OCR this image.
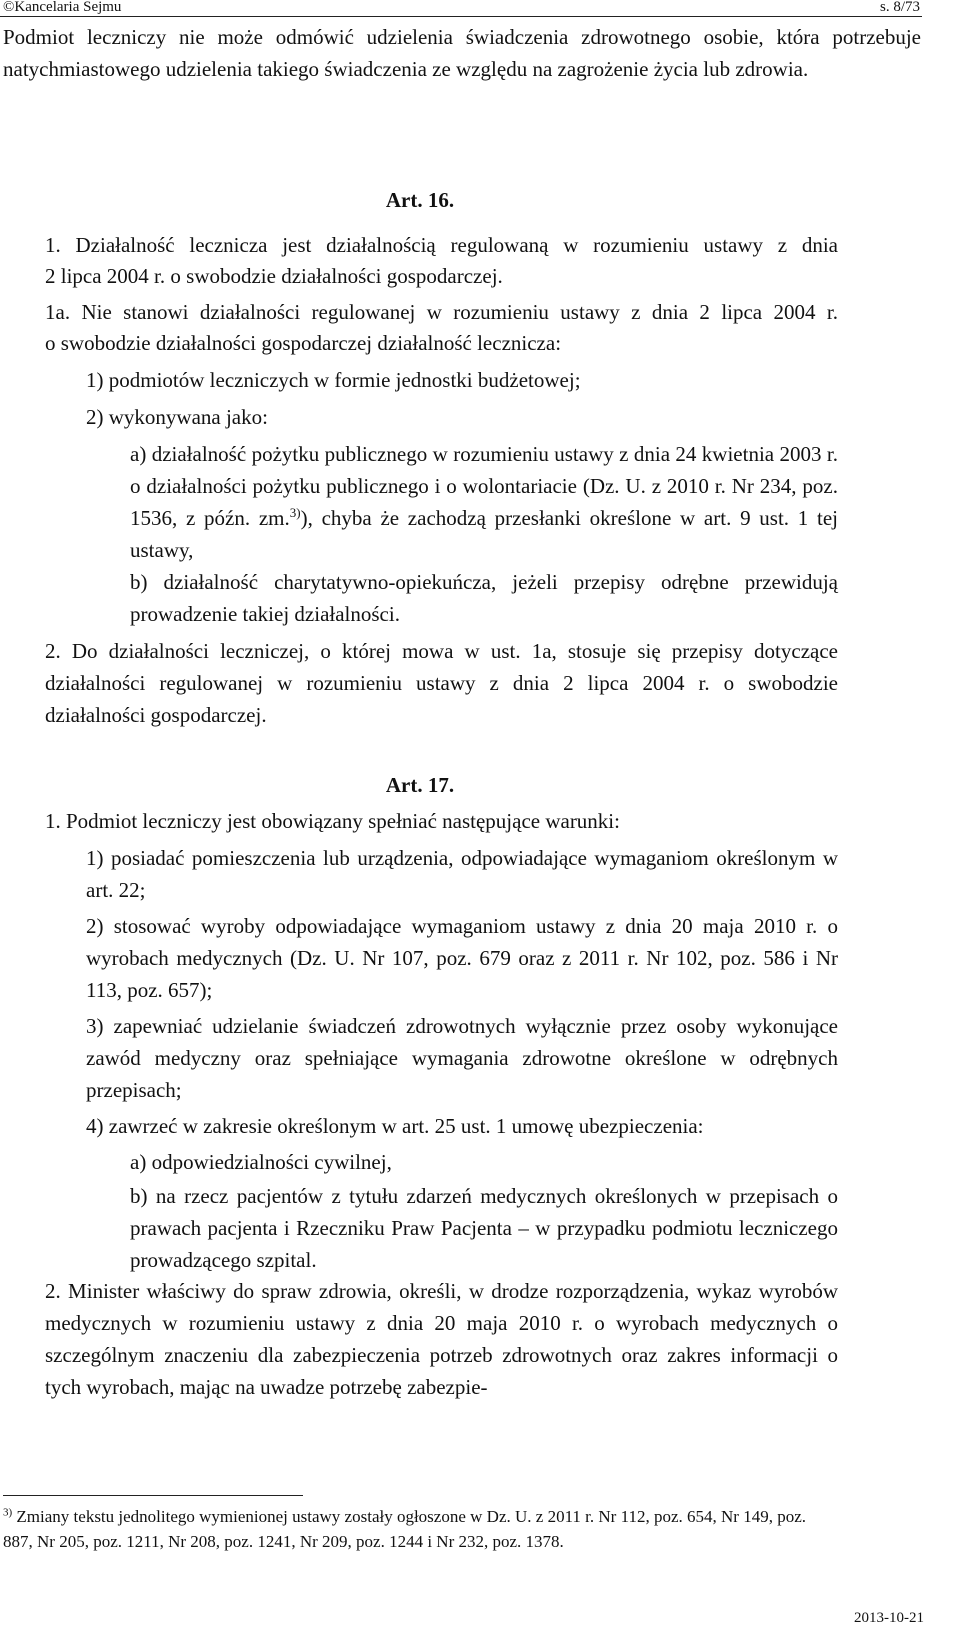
©Kancelaria Sejmu	s. 8/73
Podmiot leczniczy nie może odmówić udzielenia świadczenia zdrowotnego osobie, która potrzebuje natychmiastowego udzielenia takiego świadczenia ze względu na zagrożenie życia lub zdrowia.
Art. 16.
1. Działalność lecznicza jest działalnością regulowaną w rozumieniu ustawy z dnia
2 lipca 2004 r. o swobodzie działalności gospodarczej.
1a. Nie stanowi działalności regulowanej w rozumieniu ustawy z dnia 2 lipca 2004 r.
o swobodzie działalności gospodarczej działalność lecznicza:
1) podmiotów leczniczych w formie jednostki budżetowej;
2) wykonywana jako:
a) działalność pożytku publicznego w rozumieniu ustawy z dnia 24 kwietnia 2003 r. o działalności pożytku publicznego i o wolontariacie (Dz. U. z 2010 r. Nr 234, poz. 1536, z późn. zm.$^{3)}$), chyba że zachodzą przesłanki określone w art. 9 ust. 1 tej ustawy,
b) działalność charytatywno-opiekuńcza, jeżeli przepisy odrębne przewidują prowadzenie takiej działalności.
2. Do działalności leczniczej, o której mowa w ust. 1a, stosuje się przepisy dotyczące działalności regulowanej w rozumieniu ustawy z dnia 2 lipca 2004 r. o swobodzie działalności gospodarczej.
Art. 17.
1. Podmiot leczniczy jest obowiązany spełniać następujące warunki:
1) posiadać pomieszczenia lub urządzenia, odpowiadające wymaganiom określonym w art. 22;
2) stosować wyroby odpowiadające wymaganiom ustawy z dnia 20 maja 2010 r. o wyrobach medycznych (Dz. U. Nr 107, poz. 679 oraz z 2011 r. Nr 102, poz. 586 i Nr 113, poz. 657);
3) zapewniać udzielanie świadczeń zdrowotnych wyłącznie przez osoby wykonujące zawód medyczny oraz spełniające wymagania zdrowotne określone w odrębnych przepisach;
4) zawrzeć w zakresie określonym w art. 25 ust. 1 umowę ubezpieczenia:
a) odpowiedzialności cywilnej,
b) na rzecz pacjentów z tytułu zdarzeń medycznych określonych w przepisach o prawach pacjenta i Rzeczniku Praw Pacjenta – w przypadku podmiotu leczniczego prowadzącego szpital.
2. Minister właściwy do spraw zdrowia, określi, w drodze rozporządzenia, wykaz wyrobów medycznych w rozumieniu ustawy z dnia 20 maja 2010 r. o wyrobach medycznych o szczególnym znaczeniu dla zabezpieczenia potrzeb zdrowotnych oraz zakres informacji o tych wyrobach, mając na uwadze potrzebę zabezpie-
$^{3)}$ Zmiany tekstu jednolitego wymienionej ustawy zostały ogłoszone w Dz. U. z 2011 r. Nr 112, poz. 654, Nr 149, poz. 887, Nr 205, poz. 1211, Nr 208, poz. 1241, Nr 209, poz. 1244 i Nr 232, poz. 1378.
2013-10-21
